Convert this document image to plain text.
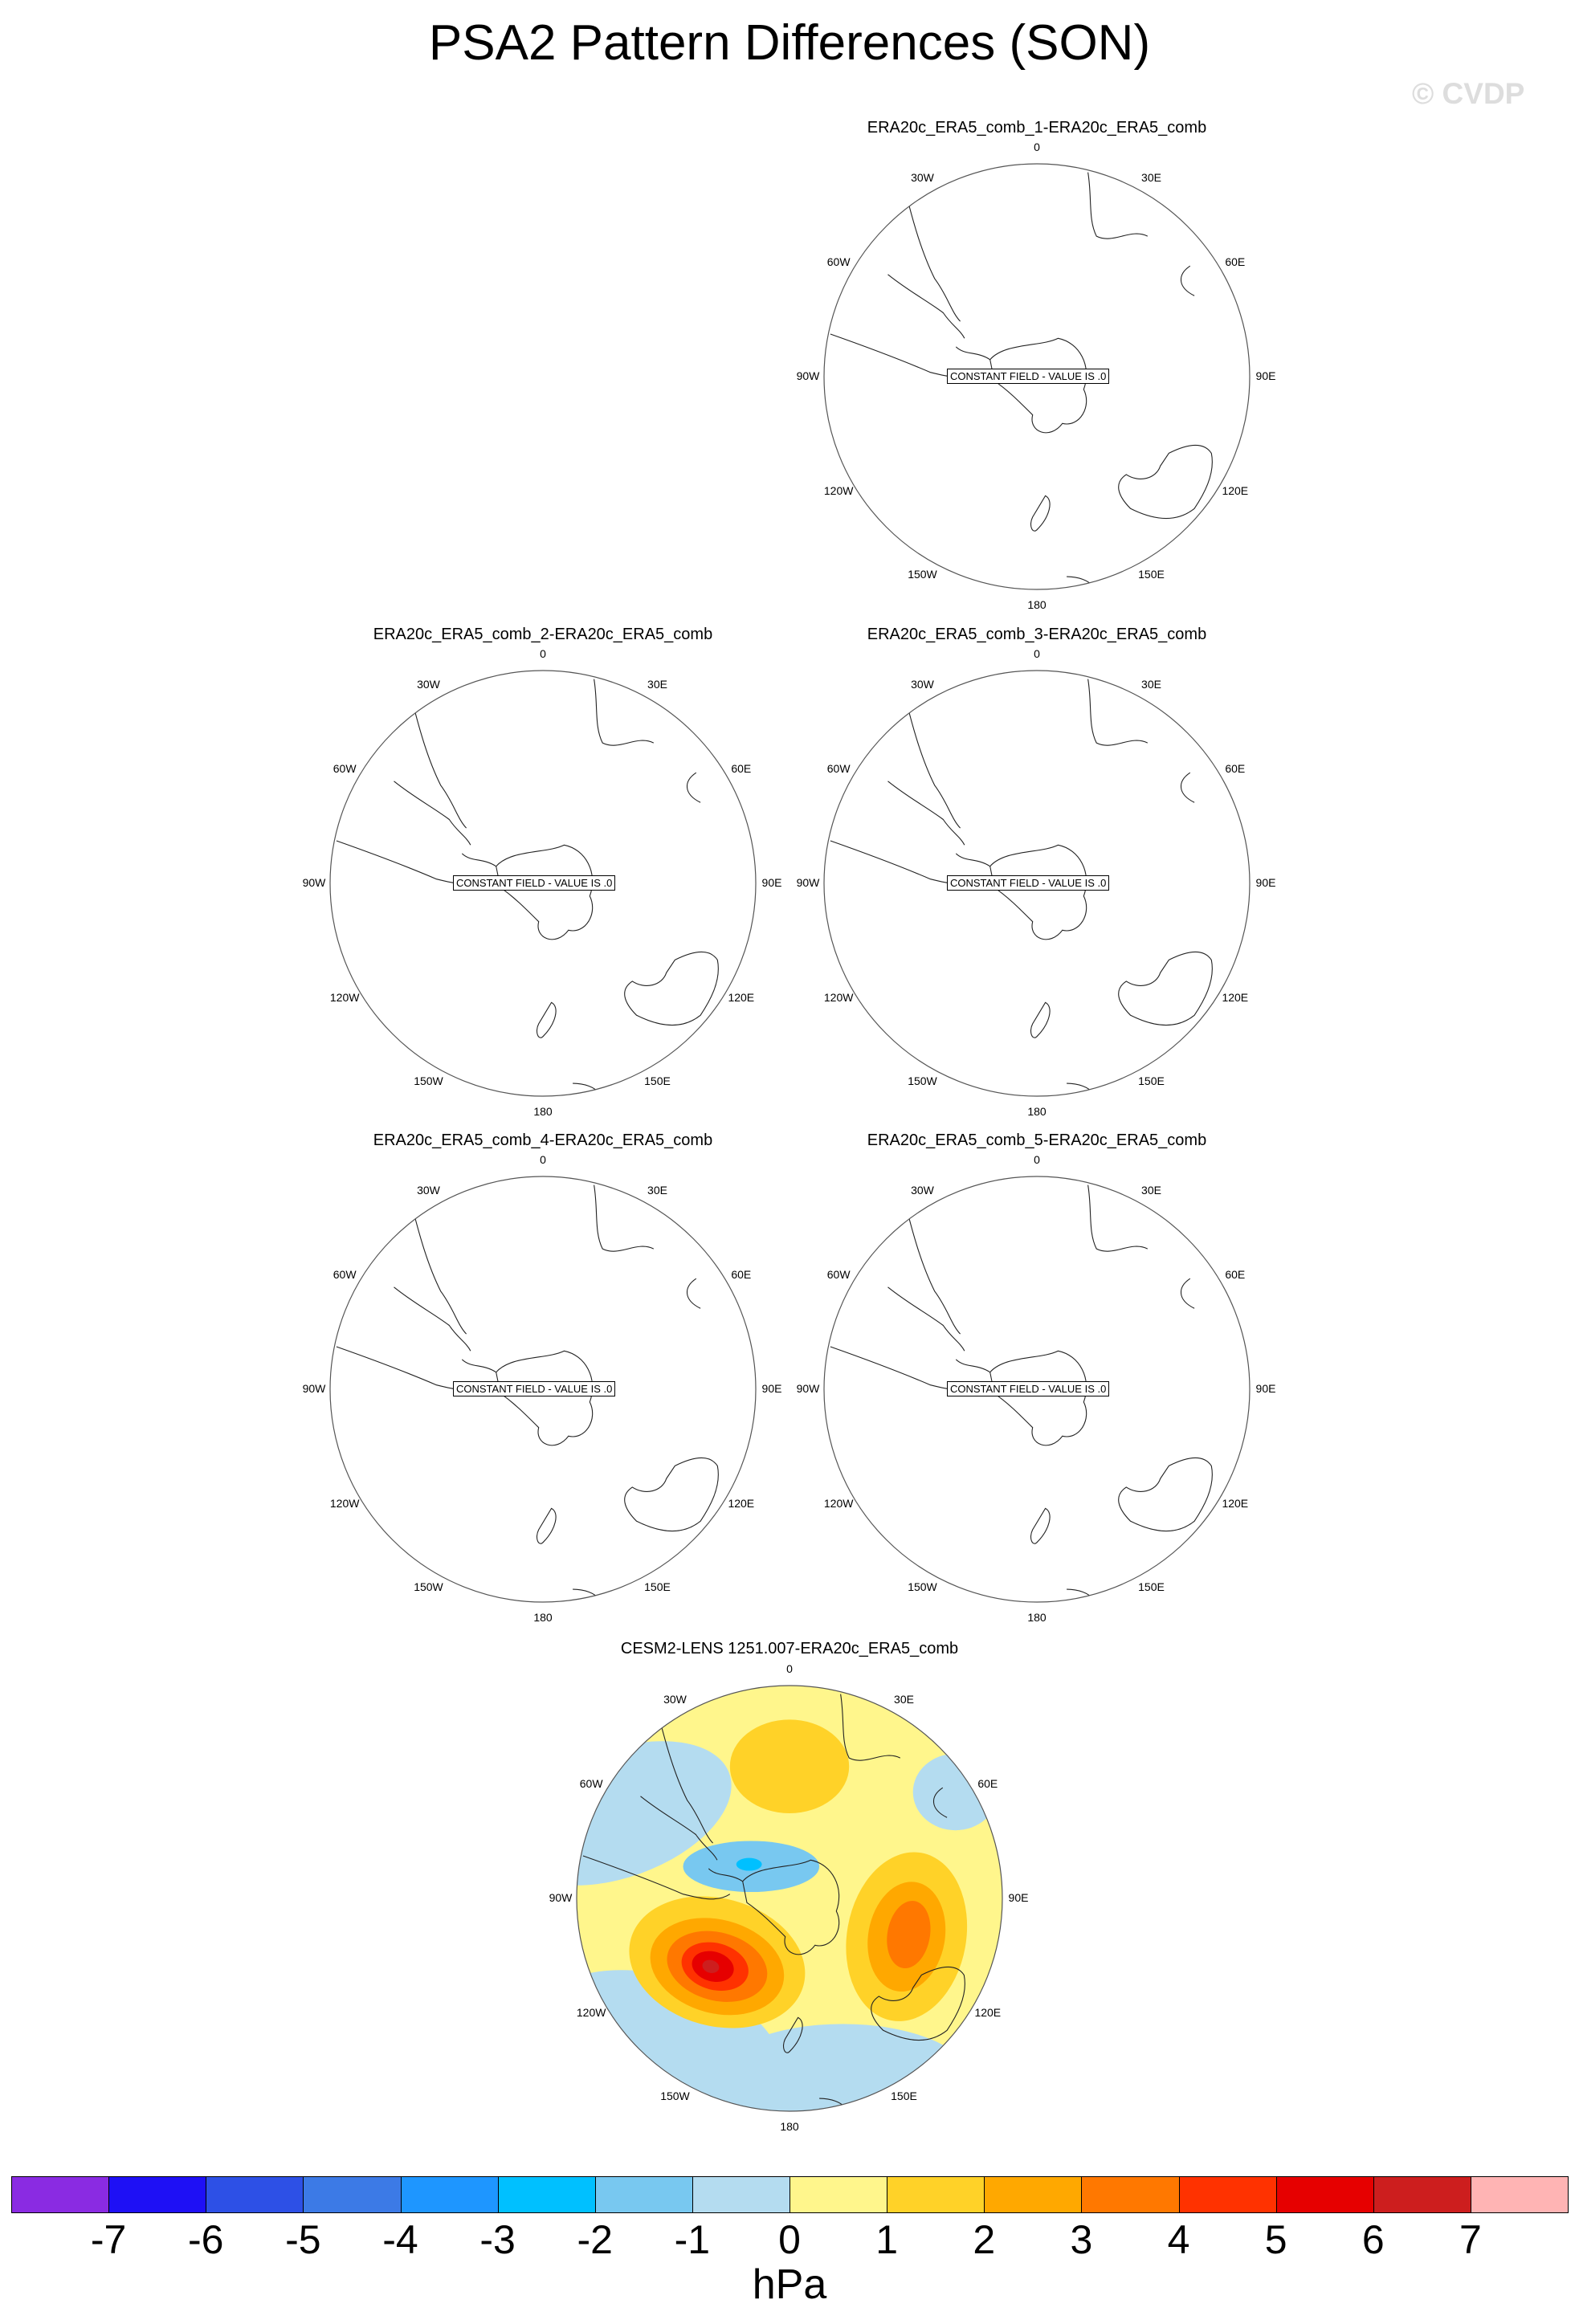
PSA2 Pattern Differences (SON)
© CVDP
ERA20c_ERA5_comb_1-ERA20c_ERA5_comb
CONSTANT FIELD - VALUE IS .0
0
30E
60E
90E
120E
150E
180
150W
120W
90W
60W
30W
ERA20c_ERA5_comb_2-ERA20c_ERA5_comb
CONSTANT FIELD - VALUE IS .0
0
30E
60E
90E
120E
150E
180
150W
120W
90W
60W
30W
ERA20c_ERA5_comb_3-ERA20c_ERA5_comb
CONSTANT FIELD - VALUE IS .0
0
30E
60E
90E
120E
150E
180
150W
120W
90W
60W
30W
ERA20c_ERA5_comb_4-ERA20c_ERA5_comb
CONSTANT FIELD - VALUE IS .0
0
30E
60E
90E
120E
150E
180
150W
120W
90W
60W
30W
ERA20c_ERA5_comb_5-ERA20c_ERA5_comb
CONSTANT FIELD - VALUE IS .0
0
30E
60E
90E
120E
150E
180
150W
120W
90W
60W
30W
CESM2-LENS 1251.007-ERA20c_ERA5_comb
0
30E
60E
90E
120E
150E
180
150W
120W
90W
60W
30W
-7	-6	-5	-4	-3	-2	-1	0	1	2	3	4	5	6	7
hPa
